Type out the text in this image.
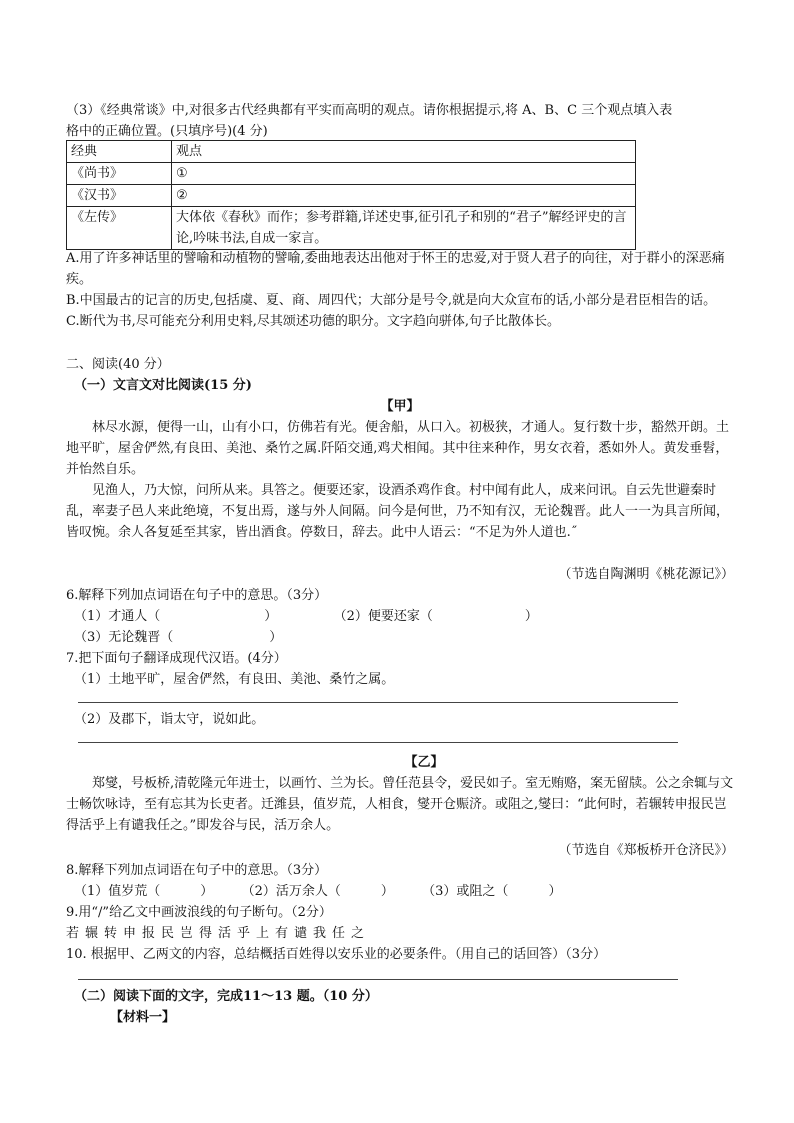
（3）《经典常谈》中,对很多古代经典都有平实而高明的观点。请你根据提示,将 A、B、C 三个观点填入表

格中的正确位置。(只填序号)(4 分)

经典	观点
《尚书》	①
《汉书》	②
《左传》	大体依《春秋》而作；参考群籍,详述史事,征引孔子和别的“君子”解经评史的言论,吟味书法,自成一家言。

A.用了许多神话里的譬喻和动植物的譬喻,委曲地表达出他对于怀王的忠爱,对于贤人君子的向往，对于群小的深恶痛疾。

B.中国最古的记言的历史,包括虞、夏、商、周四代；大部分是号令,就是向大众宣布的话,小部分是君臣相告的话。

C.断代为书,尽可能充分利用史料,尽其颂述功德的职分。文字趋向骈体,句子比散体长。

二、阅读(40 分）

（一）文言文对比阅读(15 分)

【甲】

林尽水源，便得一山，山有小口，仿佛若有光。便舍船，从口入。初极狭，才通人。复行数十步，豁然开朗。土地平旷，屋舍俨然,有良田、美池、桑竹之属.阡陌交通,鸡犬相闻。其中往来种作，男女衣着，悉如外人。黄发垂髫，并怡然自乐。

见渔人，乃大惊，问所从来。具答之。便要还家，设酒杀鸡作食。村中闻有此人，成来问讯。自云先世避秦时乱，率妻子邑人来此绝境，不复出焉，遂与外人间隔。问今是何世，乃不知有汉，无论魏晋。此人一一为具言所闻，皆叹惋。余人各复延至其家，皆出酒食。停数日，辞去。此中人语云：“不足为外人道也.˝

（节选自陶渊明《桃花源记》）

6.解释下列加点词语在句子中的意思。（3分）

（1）才通人（	）	（2）便要还家（	）

（3）无论魏晋（	）

7.把下面句子翻译成现代汉语。(4分）

（1）土地平旷，屋舍俨然，有良田、美池、桑竹之属。

（2）及郡下，诣太守，说如此。

【乙】

郑燮，号板桥,清乾隆元年进士，以画竹、兰为长。曾任范县令，爱民如子。室无贿赂，案无留牍。公之余辄与文士畅饮咏诗，至有忘其为长吏者。迁潍县，值岁荒，人相食，燮开仓赈济。或阻之,燮曰：“此何时，若辗转申报民岂得活乎上有谴我任之。”即发谷与民，活万余人。

（节选自《郑板桥开仓济民》）

8.解释下列加点词语在句子中的意思。（3分）

（1）值岁荒（	） （2）活万余人（	） （3）或阻之（	）

9.用“/”给乙文中画波浪线的句子断句。（2分）

若辗转申报民岂得活乎上有谴我任之

10. 根据甲、乙两文的内容，总结概括百姓得以安乐业的必要条件。（用自己的话回答）（3分）

（二）阅读下面的文字，完成11～13 题。（10 分）

【材料一】
